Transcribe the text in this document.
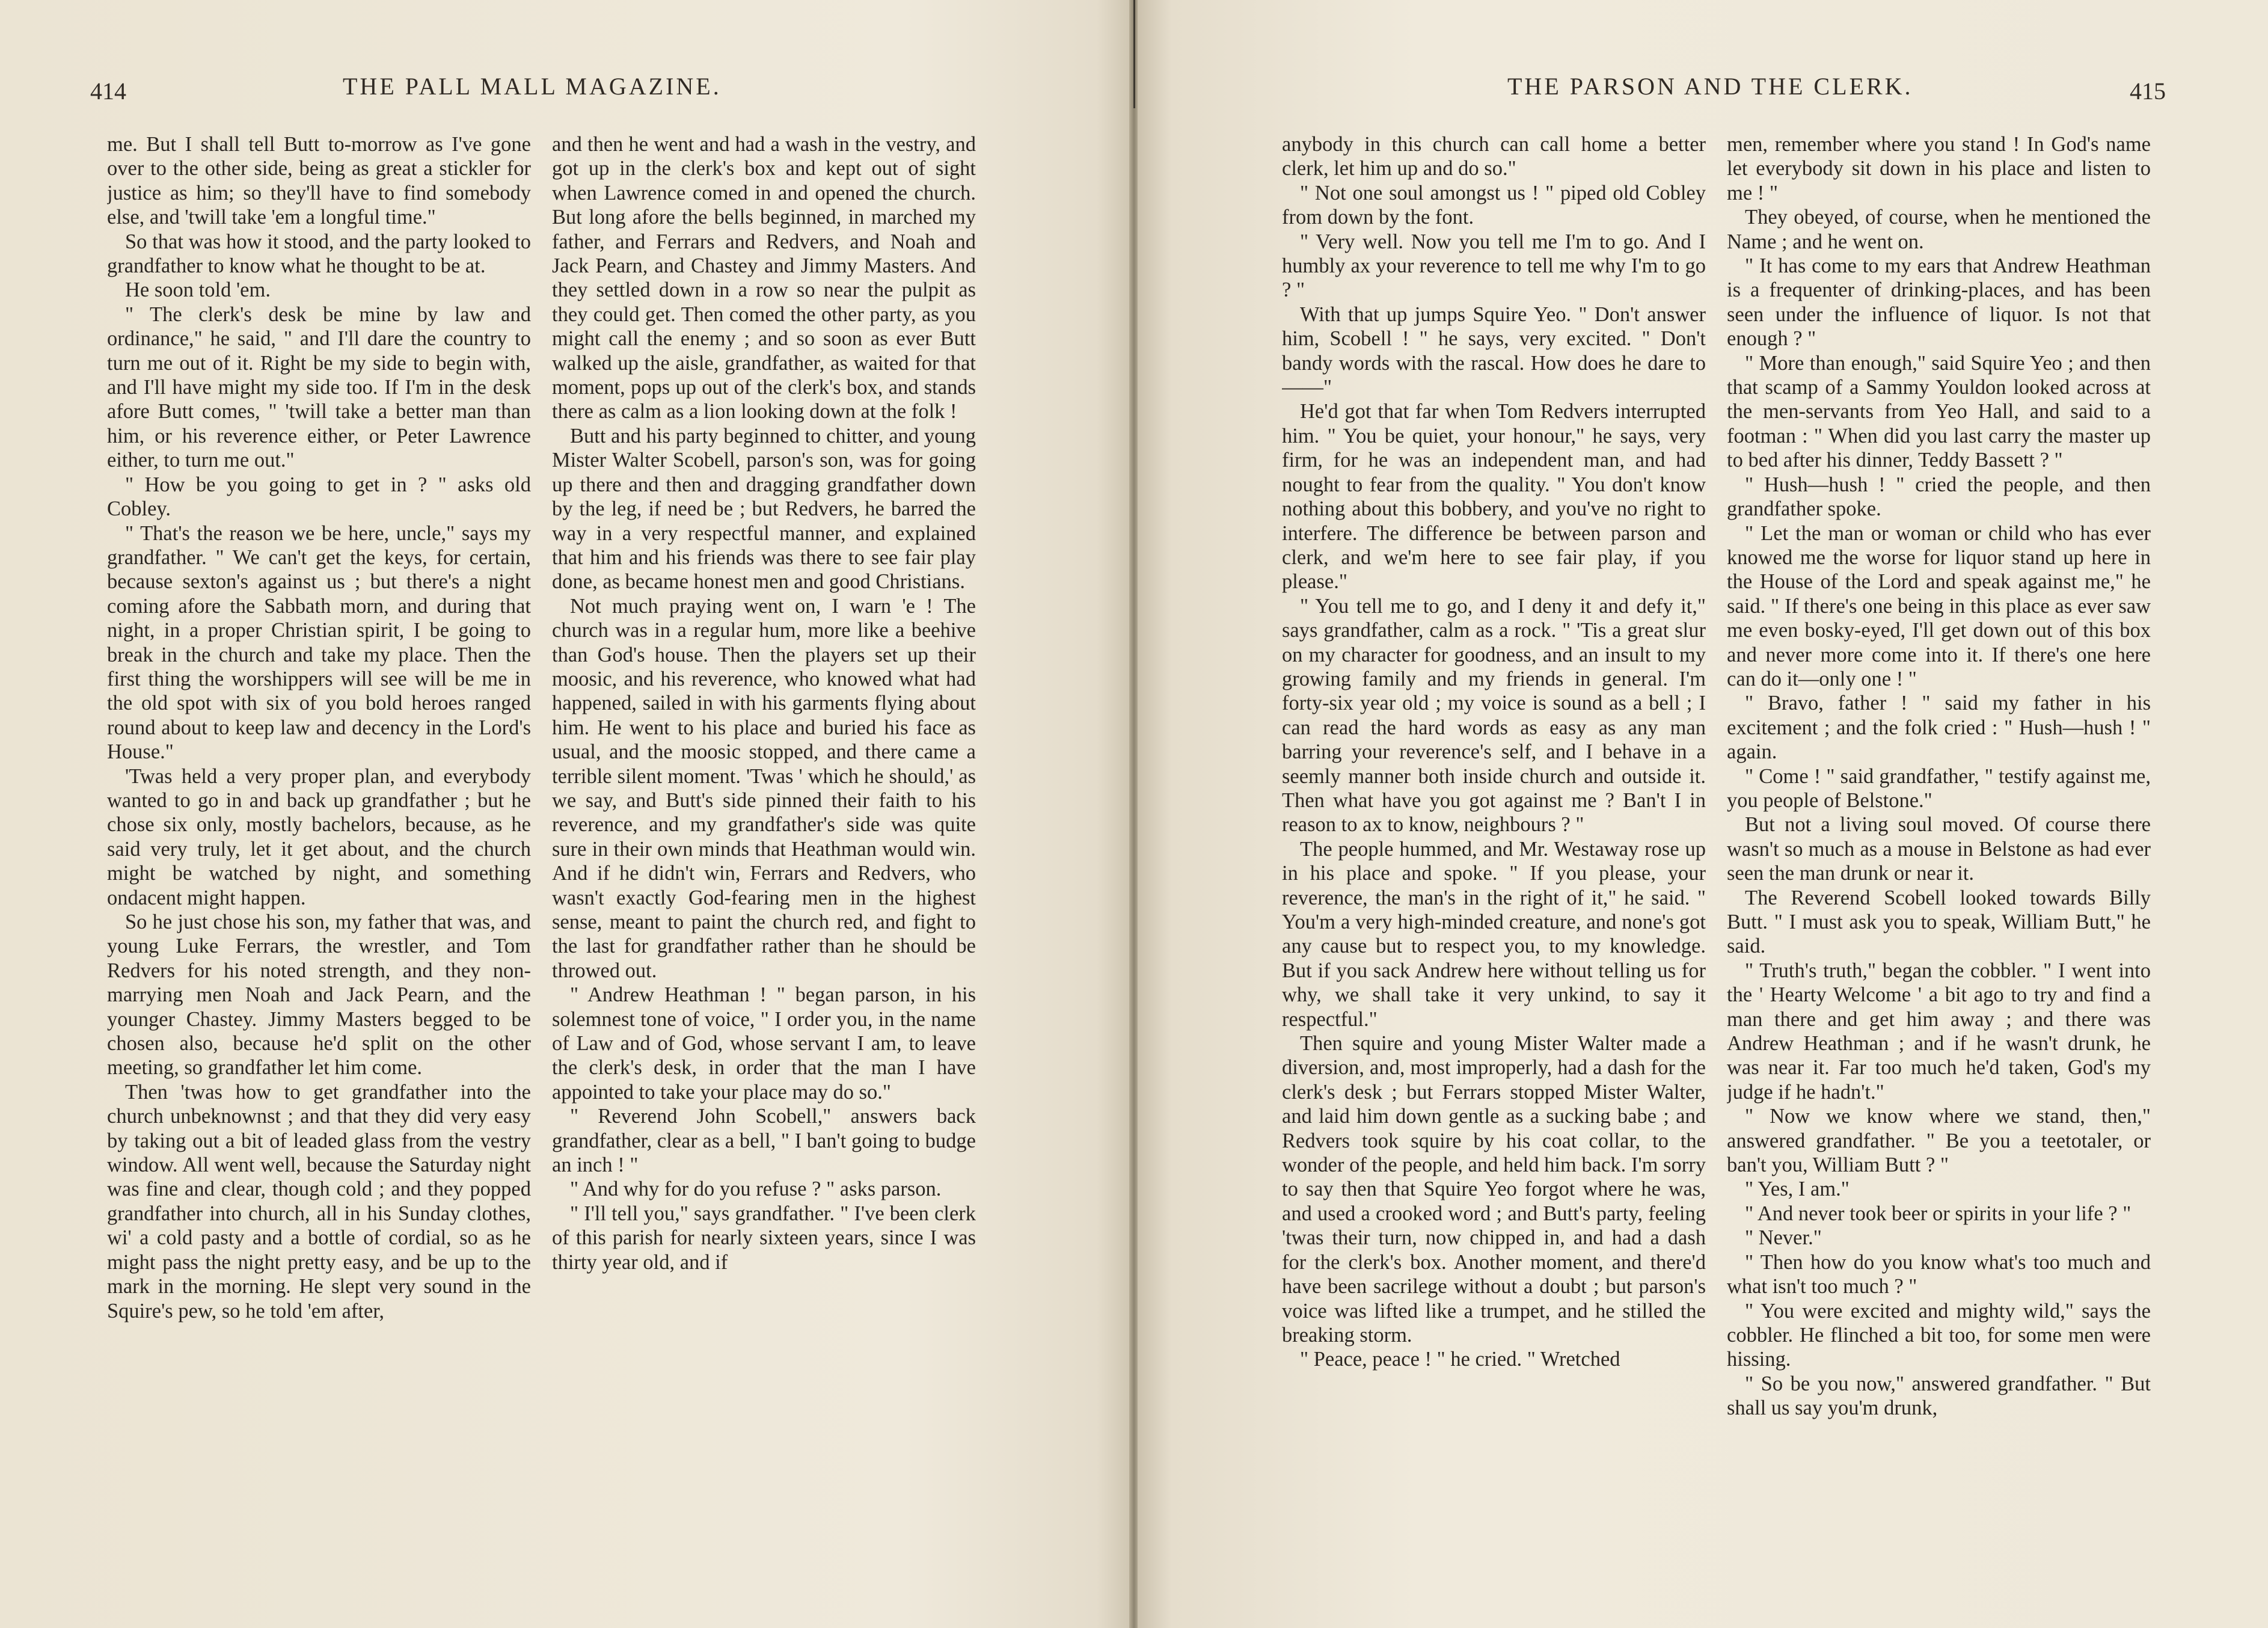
414	THE PALL MALL MAGAZINE.

me. But I shall tell Butt to-morrow as I've gone over to the other side, being as great a stickler for justice as him; so they'll have to find somebody else, and 'twill take 'em a longful time."

So that was how it stood, and the party looked to grandfather to know what he thought to be at.

He soon told 'em.

" The clerk's desk be mine by law and ordinance," he said, " and I'll dare the country to turn me out of it. Right be my side to begin with, and I'll have might my side too. If I'm in the desk afore Butt comes, " 'twill take a better man than him, or his reverence either, or Peter Lawrence either, to turn me out."

" How be you going to get in ? " asks old Cobley.

" That's the reason we be here, uncle," says my grandfather. " We can't get the keys, for certain, because sexton's against us ; but there's a night coming afore the Sabbath morn, and during that night, in a proper Christian spirit, I be going to break in the church and take my place. Then the first thing the worshippers will see will be me in the old spot with six of you bold heroes ranged round about to keep law and decency in the Lord's House."

'Twas held a very proper plan, and everybody wanted to go in and back up grandfather ; but he chose six only, mostly bachelors, because, as he said very truly, let it get about, and the church might be watched by night, and something ondacent might happen.

So he just chose his son, my father that was, and young Luke Ferrars, the wrestler, and Tom Redvers for his noted strength, and they non-marrying men Noah and Jack Pearn, and the younger Chastey. Jimmy Masters begged to be chosen also, because he'd split on the other meeting, so grandfather let him come.

Then 'twas how to get grandfather into the church unbeknownst ; and that they did very easy by taking out a bit of leaded glass from the vestry window. All went well, because the Saturday night was fine and clear, though cold ; and they popped grandfather into church, all in his Sunday clothes, wi' a cold pasty and a bottle of cordial, so as he might pass the night pretty easy, and be up to the mark in the morning. He slept very sound in the Squire's pew, so he told 'em after,

and then he went and had a wash in the vestry, and got up in the clerk's box and kept out of sight when Lawrence comed in and opened the church. But long afore the bells beginned, in marched my father, and Ferrars and Redvers, and Noah and Jack Pearn, and Chastey and Jimmy Masters. And they settled down in a row so near the pulpit as they could get. Then comed the other party, as you might call the enemy ; and so soon as ever Butt walked up the aisle, grandfather, as waited for that moment, pops up out of the clerk's box, and stands there as calm as a lion looking down at the folk !

Butt and his party beginned to chitter, and young Mister Walter Scobell, parson's son, was for going up there and then and dragging grandfather down by the leg, if need be ; but Redvers, he barred the way in a very respectful manner, and explained that him and his friends was there to see fair play done, as became honest men and good Christians.

Not much praying went on, I warn 'e ! The church was in a regular hum, more like a beehive than God's house. Then the players set up their moosic, and his reverence, who knowed what had happened, sailed in with his garments flying about him. He went to his place and buried his face as usual, and the moosic stopped, and there came a terrible silent moment. 'Twas ' which he should,' as we say, and Butt's side pinned their faith to his reverence, and my grandfather's side was quite sure in their own minds that Heathman would win. And if he didn't win, Ferrars and Redvers, who wasn't exactly God-fearing men in the highest sense, meant to paint the church red, and fight to the last for grandfather rather than he should be throwed out.

" Andrew Heathman ! " began parson, in his solemnest tone of voice, " I order you, in the name of Law and of God, whose servant I am, to leave the clerk's desk, in order that the man I have appointed to take your place may do so."

" Reverend John Scobell," answers back grandfather, clear as a bell, " I ban't going to budge an inch ! "

" And why for do you refuse ? " asks parson.

" I'll tell you," says grandfather. " I've been clerk of this parish for nearly sixteen years, since I was thirty year old, and if

THE PARSON AND THE CLERK.	415

anybody in this church can call home a better clerk, let him up and do so."

" Not one soul amongst us ! " piped old Cobley from down by the font.

" Very well. Now you tell me I'm to go. And I humbly ax your reverence to tell me why I'm to go ? "

With that up jumps Squire Yeo. " Don't answer him, Scobell ! " he says, very excited. " Don't bandy words with the rascal. How does he dare to——"

He'd got that far when Tom Redvers interrupted him. " You be quiet, your honour," he says, very firm, for he was an independent man, and had nought to fear from the quality. " You don't know nothing about this bobbery, and you've no right to interfere. The difference be between parson and clerk, and we'm here to see fair play, if you please."

" You tell me to go, and I deny it and defy it," says grandfather, calm as a rock. " 'Tis a great slur on my character for goodness, and an insult to my growing family and my friends in general. I'm forty-six year old ; my voice is sound as a bell ; I can read the hard words as easy as any man barring your reverence's self, and I behave in a seemly manner both inside church and outside it. Then what have you got against me ? Ban't I in reason to ax to know, neighbours ? "

The people hummed, and Mr. Westaway rose up in his place and spoke. " If you please, your reverence, the man's in the right of it," he said. " You'm a very high-minded creature, and none's got any cause but to respect you, to my knowledge. But if you sack Andrew here without telling us for why, we shall take it very unkind, to say it respectful."

Then squire and young Mister Walter made a diversion, and, most improperly, had a dash for the clerk's desk ; but Ferrars stopped Mister Walter, and laid him down gentle as a sucking babe ; and Redvers took squire by his coat collar, to the wonder of the people, and held him back. I'm sorry to say then that Squire Yeo forgot where he was, and used a crooked word ; and Butt's party, feeling 'twas their turn, now chipped in, and had a dash for the clerk's box. Another moment, and there'd have been sacrilege without a doubt ; but parson's voice was lifted like a trumpet, and he stilled the breaking storm.

" Peace, peace ! " he cried. " Wretched

men, remember where you stand ! In God's name let everybody sit down in his place and listen to me ! "

They obeyed, of course, when he mentioned the Name ; and he went on.

" It has come to my ears that Andrew Heathman is a frequenter of drinking-places, and has been seen under the influence of liquor. Is not that enough ? "

" More than enough," said Squire Yeo ; and then that scamp of a Sammy Youldon looked across at the men-servants from Yeo Hall, and said to a footman : " When did you last carry the master up to bed after his dinner, Teddy Bassett ? "

" Hush—hush ! " cried the people, and then grandfather spoke.

" Let the man or woman or child who has ever knowed me the worse for liquor stand up here in the House of the Lord and speak against me," he said. " If there's one being in this place as ever saw me even bosky-eyed, I'll get down out of this box and never more come into it. If there's one here can do it—only one ! "

" Bravo, father ! " said my father in his excitement ; and the folk cried : " Hush—hush ! " again.

" Come ! " said grandfather, " testify against me, you people of Belstone."

But not a living soul moved. Of course there wasn't so much as a mouse in Belstone as had ever seen the man drunk or near it.

The Reverend Scobell looked towards Billy Butt. " I must ask you to speak, William Butt," he said.

" Truth's truth," began the cobbler. " I went into the ' Hearty Welcome ' a bit ago to try and find a man there and get him away ; and there was Andrew Heathman ; and if he wasn't drunk, he was near it. Far too much he'd taken, God's my judge if he hadn't."

" Now we know where we stand, then," answered grandfather. " Be you a teetotaler, or ban't you, William Butt ? "

" Yes, I am."

" And never took beer or spirits in your life ? "

" Never."

" Then how do you know what's too much and what isn't too much ? "

" You were excited and mighty wild," says the cobbler. He flinched a bit too, for some men were hissing.

" So be you now," answered grandfather. " But shall us say you'm drunk,
